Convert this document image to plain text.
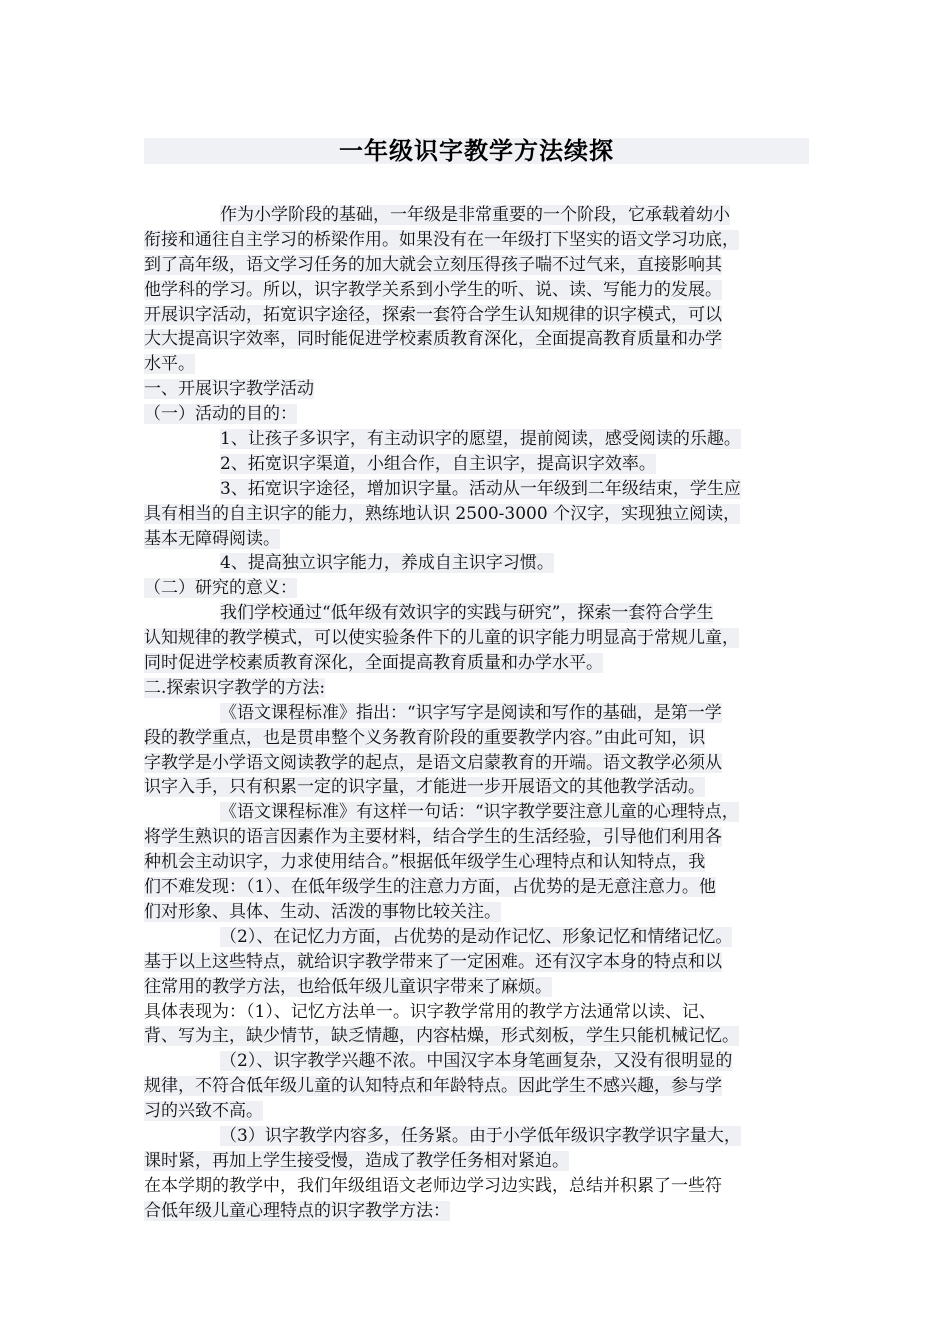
一年级识字教学方法续探
作为小学阶段的基础，一年级是非常重要的一个阶段，它承载着幼小
衔接和通往自主学习的桥梁作用。如果没有在一年级打下坚实的语文学习功底，
到了高年级，语文学习任务的加大就会立刻压得孩子喘不过气来，直接影响其
他学科的学习。所以，识字教学关系到小学生的听、说、读、写能力的发展。
开展识字活动，拓宽识字途径，探索一套符合学生认知规律的识字模式，可以
大大提高识字效率，同时能促进学校素质教育深化，全面提高教育质量和办学
水平。
一、开展识字教学活动
（一）活动的目的：
1、让孩子多识字，有主动识字的愿望，提前阅读，感受阅读的乐趣。
2、拓宽识字渠道，小组合作，自主识字，提高识字效率。
3、拓宽识字途径，增加识字量。活动从一年级到二年级结束，学生应
具有相当的自主识字的能力，熟练地认识 2500-3000 个汉字，实现独立阅读，
基本无障碍阅读。
4、提高独立识字能力，养成自主识字习惯。
（二）研究的意义：
我们学校通过“低年级有效识字的实践与研究”，探索一套符合学生
认知规律的教学模式，可以使实验条件下的儿童的识字能力明显高于常规儿童，
同时促进学校素质教育深化，全面提高教育质量和办学水平。
二.探索识字教学的方法:
《语文课程标准》指出：“识字写字是阅读和写作的基础，是第一学
段的教学重点，也是贯串整个义务教育阶段的重要教学内容。”由此可知，识
字教学是小学语文阅读教学的起点，是语文启蒙教育的开端。语文教学必须从
识字入手，只有积累一定的识字量，才能进一步开展语文的其他教学活动。
《语文课程标准》有这样一句话：“识字教学要注意儿童的心理特点，
将学生熟识的语言因素作为主要材料，结合学生的生活经验，引导他们利用各
种机会主动识字，力求使用结合。”根据低年级学生心理特点和认知特点，我
们不难发现：（1）、在低年级学生的注意力方面，占优势的是无意注意力。他
们对形象、具体、生动、活泼的事物比较关注。
（2）、在记忆力方面，占优势的是动作记忆、形象记忆和情绪记忆。
基于以上这些特点，就给识字教学带来了一定困难。还有汉字本身的特点和以
往常用的教学方法，也给低年级儿童识字带来了麻烦。
具体表现为：（1）、记忆方法单一。识字教学常用的教学方法通常以读、记、
背、写为主，缺少情节，缺乏情趣，内容枯燥，形式刻板，学生只能机械记忆。
（2）、识字教学兴趣不浓。中国汉字本身笔画复杂，又没有很明显的
规律，不符合低年级儿童的认知特点和年龄特点。因此学生不感兴趣，参与学
习的兴致不高。
（3）识字教学内容多，任务紧。由于小学低年级识字教学识字量大，
课时紧，再加上学生接受慢，造成了教学任务相对紧迫。
在本学期的教学中，我们年级组语文老师边学习边实践，总结并积累了一些符
合低年级儿童心理特点的识字教学方法：
